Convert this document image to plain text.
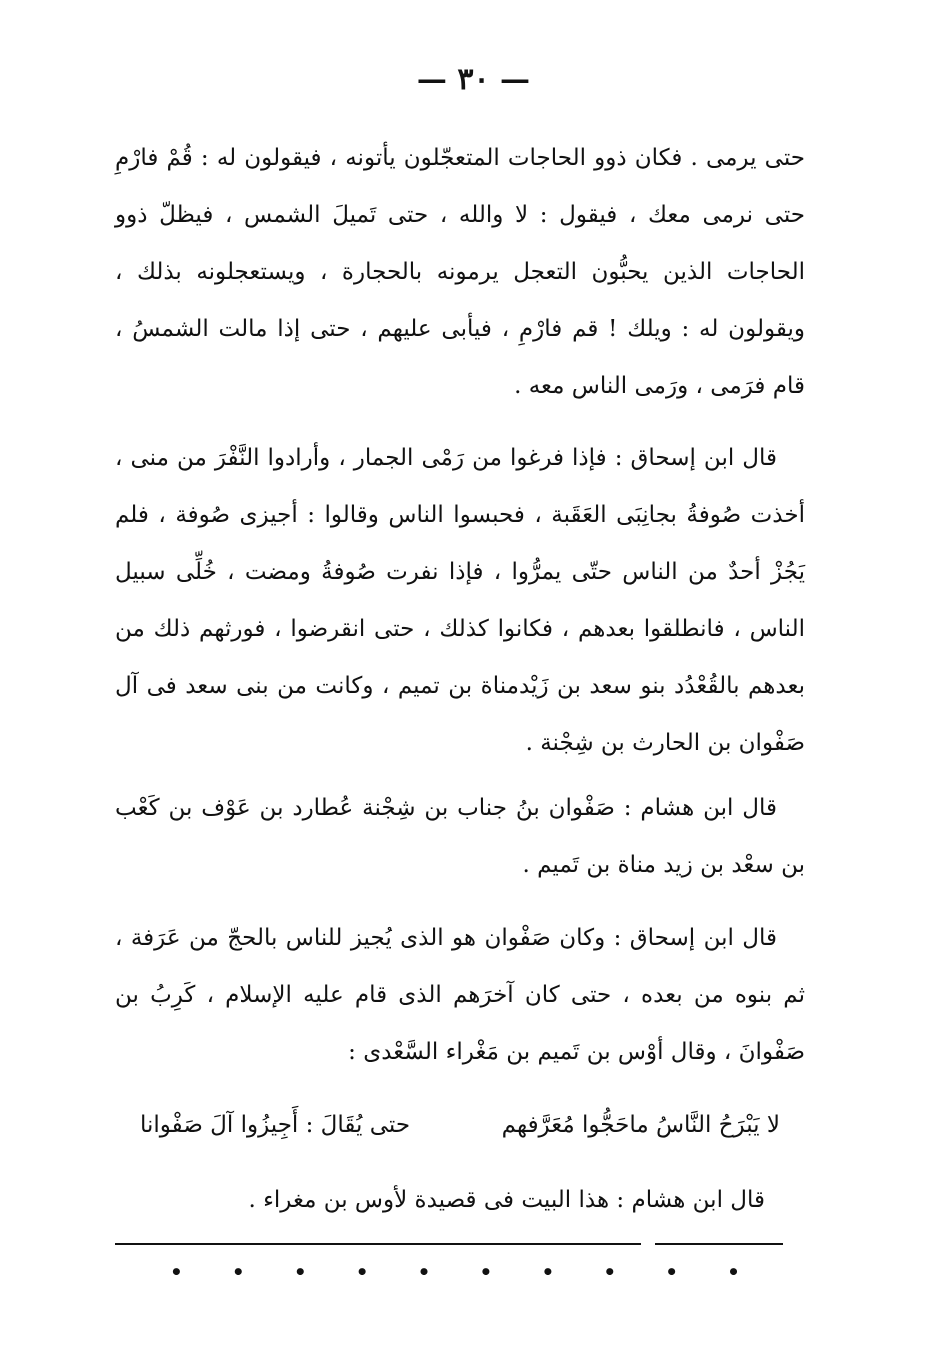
— ٣٠ —

حتى يرمى . فكان ذوو الحاجات المتعجّلون يأتونه ، فيقولون له : قُمْ فارْمِ حتى نرمى معك ، فيقول : لا والله ، حتى تَميلَ الشمس ، فيظلّ ذوو الحاجات الذين يحبُّون التعجل يرمونه بالحجارة ، ويستعجلونه بذلك ، ويقولون له : ويلك ! قم فارْمِ ، فيأبى عليهم ، حتى إذا مالت الشمسُ ، قام فرَمى ، ورَمى الناس معه .

قال ابن إسحاق : فإذا فرغوا من رَمْى الجمار ، وأرادوا النَّفْرَ من منى ، أخذت صُوفةُ بجانِبَى العَقَبة ، فحبسوا الناس وقالوا : أجيزى صُوفة ، فلم يَجُزْ أحدٌ من الناس حتّى يمرُّوا ، فإذا نفرت صُوفةُ ومضت ، خُلِّى سبيل الناس ، فانطلقوا بعدهم ، فكانوا كذلك ، حتى انقرضوا ، فورثهم ذلك من بعدهم بالقُعْدُد بنو سعد بن زَيْدمناة بن تميم ، وكانت من بنى سعد فى آل صَفْوان بن الحارث بن شِجْنة .

قال ابن هشام : صَفْوان بنُ جناب بن شِجْنة عُطارد بن عَوْف بن كَعْب بن سعْد بن زيد مناة بن تَميم .

قال ابن إسحاق : وكان صَفْوان هو الذى يُجيز للناس بالحجّ من عَرَفة ، ثم بنوه من بعده ، حتى كان آخرَهم الذى قام عليه الإسلام ، كَرِبُ بن صَفْوانَ ، وقال أوْس بن تَميم بن مَغْراء السَّعْدى :

لا يَبْرَحُ النَّاسُ ماحَجُّوا مُعَرَّفهم
حتى يُقَالَ : أَجِيزُوا آلَ صَفْوانا
قال ابن هشام : هذا البيت فى قصيدة لأوس بن مغراء .
• • • • • • • • • •
